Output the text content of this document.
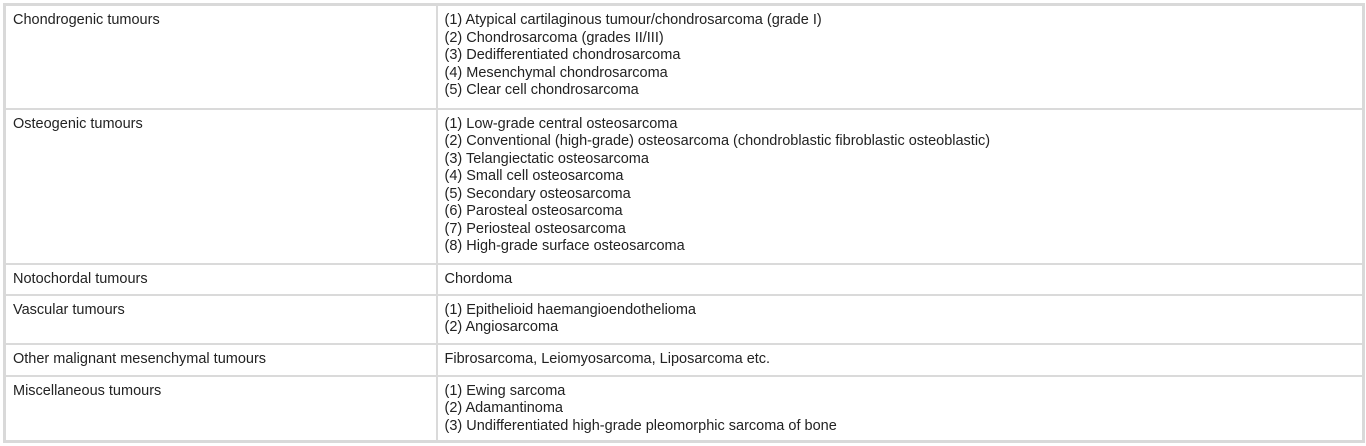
Chondrogenic tumours	(1) Atypical cartilaginous tumour/chondrosarcoma (grade I)
(2) Chondrosarcoma (grades II/III)
(3) Dedifferentiated chondrosarcoma
(4) Mesenchymal chondrosarcoma
(5) Clear cell chondrosarcoma

Osteogenic tumours	(1) Low-grade central osteosarcoma
(2) Conventional (high-grade) osteosarcoma (chondroblastic fibroblastic osteoblastic)
(3) Telangiectatic osteosarcoma
(4) Small cell osteosarcoma
(5) Secondary osteosarcoma
(6) Parosteal osteosarcoma
(7) Periosteal osteosarcoma
(8) High-grade surface osteosarcoma

Notochordal tumours	Chordoma

Vascular tumours	(1) Epithelioid haemangioendothelioma
(2) Angiosarcoma

Other malignant mesenchymal tumours	Fibrosarcoma, Leiomyosarcoma, Liposarcoma etc.

Miscellaneous tumours	(1) Ewing sarcoma
(2) Adamantinoma
(3) Undifferentiated high-grade pleomorphic sarcoma of bone
